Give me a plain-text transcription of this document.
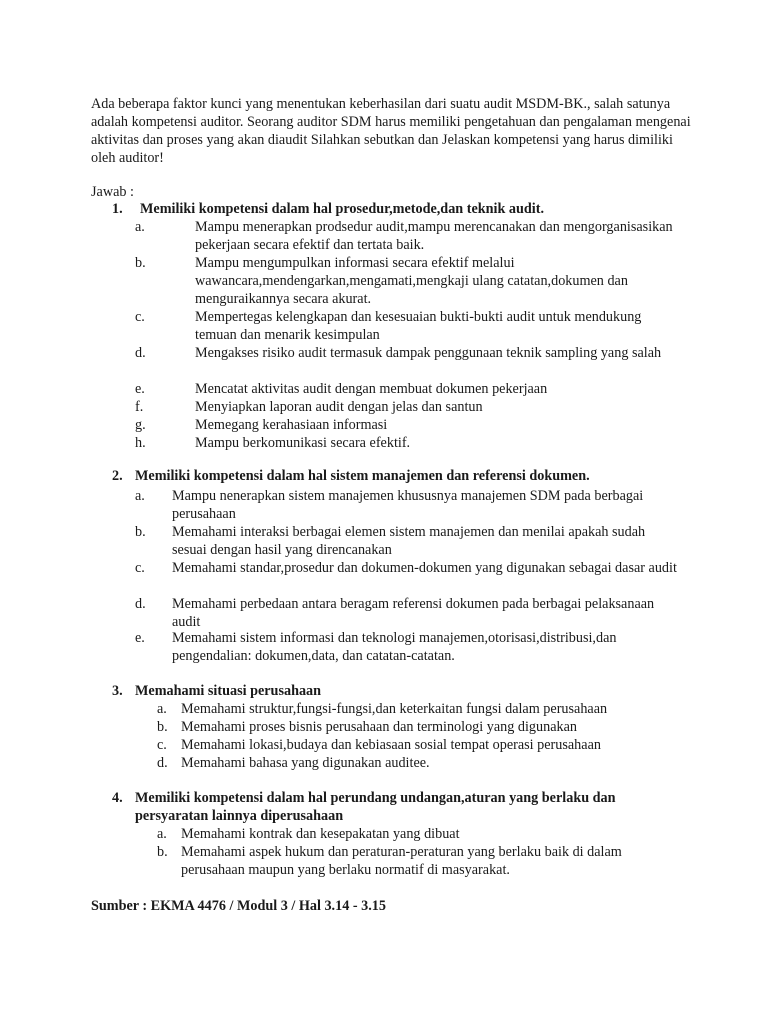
Ada beberapa faktor kunci yang menentukan keberhasilan dari suatu audit MSDM-BK., salah satunya adalah kompetensi auditor. Seorang auditor SDM harus memiliki pengetahuan dan pengalaman mengenai aktivitas dan proses yang akan diaudit Silahkan sebutkan dan Jelaskan kompetensi yang harus dimiliki oleh auditor!

Jawab :

1. Memiliki kompetensi dalam hal prosedur,metode,dan teknik audit.
a.	Mampu menerapkan prodsedur audit,mampu merencanakan dan mengorganisasikan pekerjaan secara efektif dan tertata baik.
b.	Mampu mengumpulkan informasi secara efektif melalui wawancara,mendengarkan,mengamati,mengkaji ulang catatan,dokumen dan menguraikannya secara akurat.
c.	Mempertegas kelengkapan dan kesesuaian bukti-bukti audit untuk mendukung temuan dan menarik kesimpulan
d.	Mengakses risiko audit termasuk dampak penggunaan teknik sampling yang salah
e.	Mencatat aktivitas audit dengan membuat dokumen pekerjaan
f.	Menyiapkan laporan audit dengan jelas dan santun
g.	Memegang kerahasiaan informasi
h.	Mampu berkomunikasi secara efektif.
2. Memiliki kompetensi dalam hal sistem manajemen dan referensi dokumen.
a. Mampu nenerapkan sistem manajemen khususnya manajemen SDM pada berbagai perusahaan
b. Memahami interaksi berbagai elemen sistem manajemen dan menilai apakah sudah sesuai dengan hasil yang direncanakan
c. Memahami standar,prosedur dan dokumen-dokumen yang digunakan sebagai dasar audit
d. Memahami perbedaan antara beragam referensi dokumen pada berbagai pelaksanaan audit
e. Memahami sistem informasi dan teknologi manajemen,otorisasi,distribusi,dan pengendalian: dokumen,data, dan catatan-catatan.
3. Memahami situasi perusahaan
a. Memahami struktur,fungsi-fungsi,dan keterkaitan fungsi dalam perusahaan
b. Memahami proses bisnis perusahaan dan terminologi yang digunakan
c. Memahami lokasi,budaya dan kebiasaan sosial tempat operasi perusahaan
d. Memahami bahasa yang digunakan auditee.
4. Memiliki kompetensi dalam hal perundang undangan,aturan yang berlaku dan persyaratan lainnya diperusahaan
a. Memahami kontrak dan kesepakatan yang dibuat
b. Memahami aspek hukum dan peraturan-peraturan yang berlaku baik di dalam perusahaan maupun yang berlaku normatif di masyarakat.

Sumber : EKMA 4476 / Modul 3 / Hal 3.14 - 3.15
